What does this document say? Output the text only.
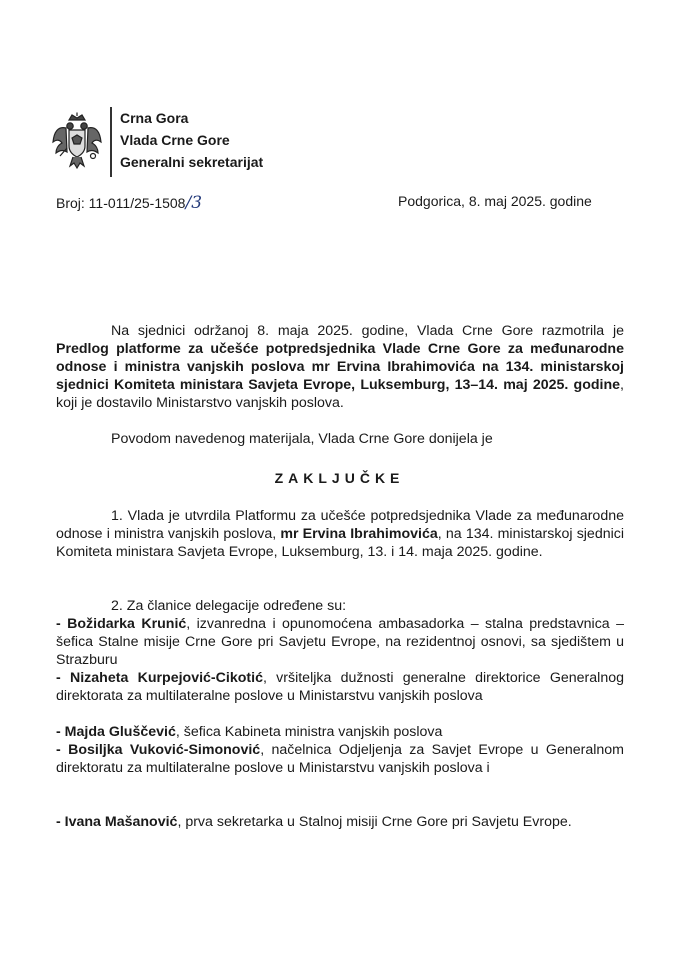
Crna Gora
Vlada Crne Gore
Generalni sekretarijat
Broj: 11-011/25-1508/3	Podgorica, 8. maj 2025. godine
Na sjednici održanoj 8. maja 2025. godine, Vlada Crne Gore razmotrila je Predlog platforme za učešće potpredsjednika Vlade Crne Gore za međunarodne odnose i ministra vanjskih poslova mr Ervina Ibrahimovića na 134. ministarskoj sjednici Komiteta ministara Savjeta Evrope, Luksemburg, 13–14. maj 2025. godine, koji je dostavilo Ministarstvo vanjskih poslova.
Povodom navedenog materijala, Vlada Crne Gore donijela je
ZAKLJUČKE
1. Vlada je utvrdila Platformu za učešće potpredsjednika Vlade za međunarodne odnose i ministra vanjskih poslova, mr Ervina Ibrahimovića, na 134. ministarskoj sjednici Komiteta ministara Savjeta Evrope, Luksemburg, 13. i 14. maja 2025. godine.
2. Za članice delegacije određene su:
- Božidarka Krunić, izvanredna i opunomoćena ambasadorka – stalna predstavnica – šefica Stalne misije Crne Gore pri Savjetu Evrope, na rezidentnoj osnovi, sa sjedištem u Strazburu
- Nizaheta Kurpejović-Cikotić, vršiteljka dužnosti generalne direktorice Generalnog direktorata za multilateralne poslove u Ministarstvu vanjskih poslova
- Majda Gluščević, šefica Kabineta ministra vanjskih poslova
- Bosiljka Vuković-Simonović, načelnica Odjeljenja za Savjet Evrope u Generalnom direktoratu za multilateralne poslove u Ministarstvu vanjskih poslova i
- Ivana Mašanović, prva sekretarka u Stalnoj misiji Crne Gore pri Savjetu Evrope.
